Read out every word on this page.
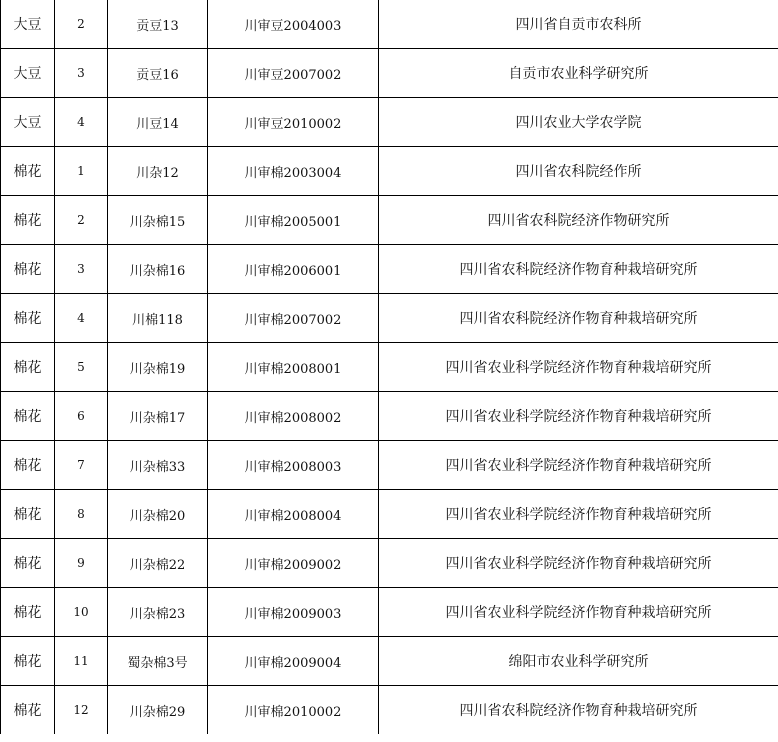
大豆	2	贡豆13	川审豆2004003	四川省自贡市农科所
大豆	3	贡豆16	川审豆2007002	自贡市农业科学研究所
大豆	4	川豆14	川审豆2010002	四川农业大学农学院
棉花	1	川杂12	川审棉2003004	四川省农科院经作所
棉花	2	川杂棉15	川审棉2005001	四川省农科院经济作物研究所
棉花	3	川杂棉16	川审棉2006001	四川省农科院经济作物育种栽培研究所
棉花	4	川棉118	川审棉2007002	四川省农科院经济作物育种栽培研究所
棉花	5	川杂棉19	川审棉2008001	四川省农业科学院经济作物育种栽培研究所
棉花	6	川杂棉17	川审棉2008002	四川省农业科学院经济作物育种栽培研究所
棉花	7	川杂棉33	川审棉2008003	四川省农业科学院经济作物育种栽培研究所
棉花	8	川杂棉20	川审棉2008004	四川省农业科学院经济作物育种栽培研究所
棉花	9	川杂棉22	川审棉2009002	四川省农业科学院经济作物育种栽培研究所
棉花	10	川杂棉23	川审棉2009003	四川省农业科学院经济作物育种栽培研究所
棉花	11	蜀杂棉3号	川审棉2009004	绵阳市农业科学研究所
棉花	12	川杂棉29	川审棉2010002	四川省农科院经济作物育种栽培研究所
